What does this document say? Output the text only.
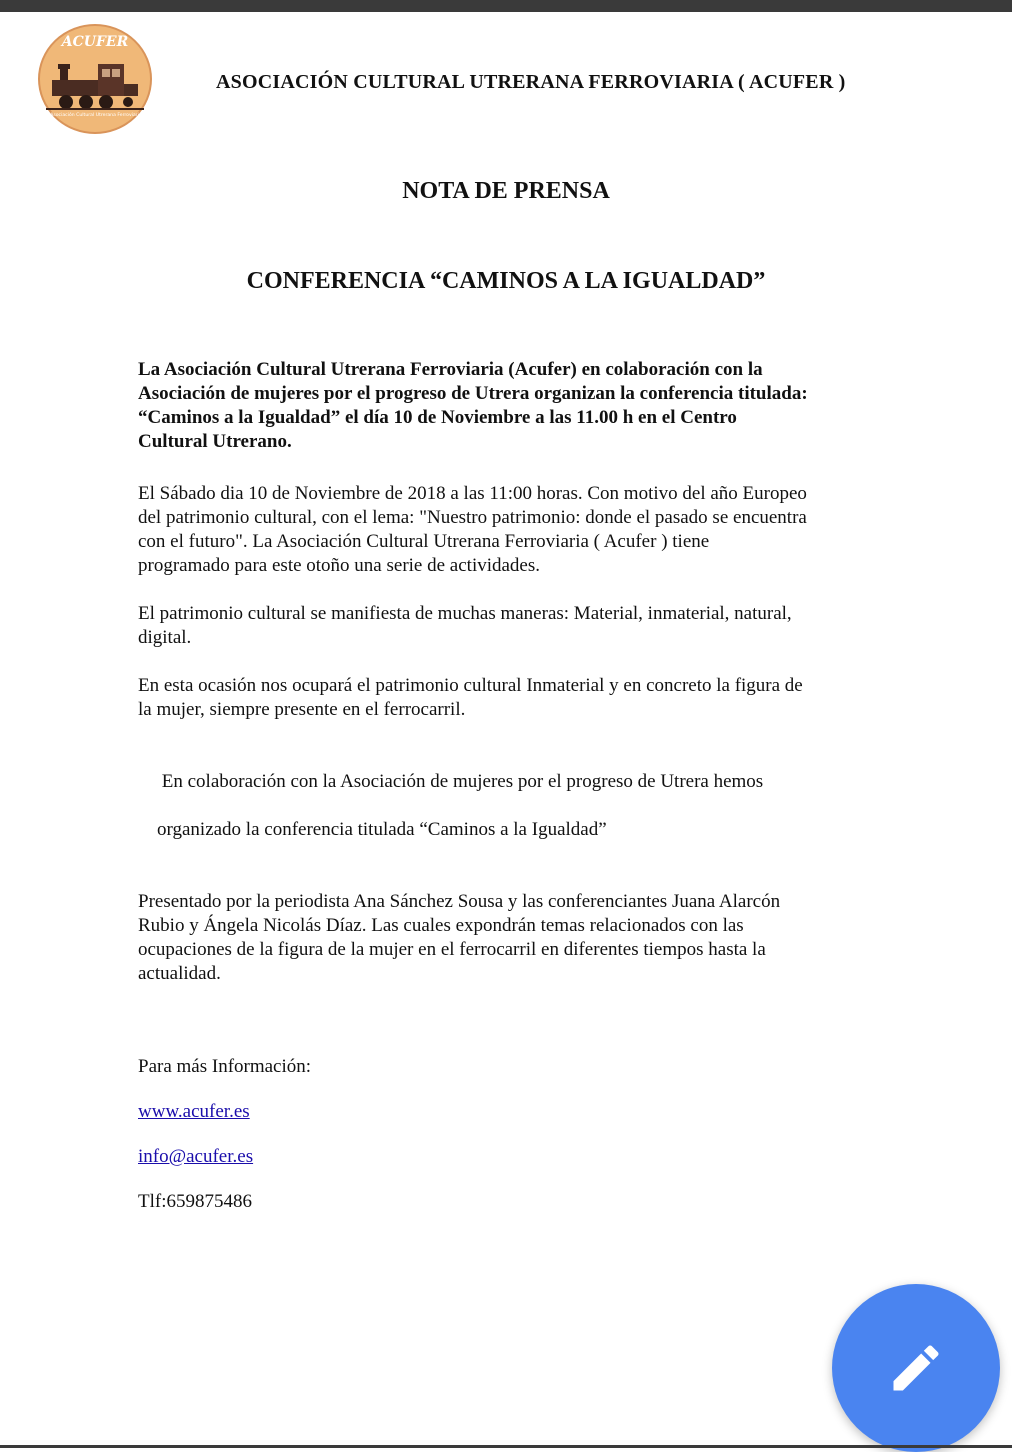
ACUFER
Asociación Cultural Utrerana Ferroviaria
ASOCIACIÓN CULTURAL UTRERANA FERROVIARIA ( ACUFER )
NOTA DE PRENSA
CONFERENCIA “CAMINOS A LA IGUALDAD”

La Asociación Cultural Utrerana Ferroviaria (Acufer) en colaboración con la
Asociación de mujeres por el progreso de Utrera organizan la conferencia titulada:
“Caminos a la Igualdad” el día 10 de Noviembre a las 11.00 h en el Centro
Cultural Utrerano.

El Sábado dia 10 de Noviembre de 2018 a las 11:00 horas. Con motivo del año Europeo
del patrimonio cultural, con el lema: "Nuestro patrimonio: donde el pasado se encuentra
con el futuro". La Asociación Cultural Utrerana Ferroviaria ( Acufer ) tiene
programado para este otoño una serie de actividades.

El patrimonio cultural se manifiesta de muchas maneras: Material, inmaterial, natural,
digital.

En esta ocasión nos ocupará el patrimonio cultural Inmaterial y en concreto la figura de
la mujer, siempre presente en el ferrocarril.

En colaboración con la Asociación de mujeres por el progreso de Utrera hemos

organizado la conferencia titulada “Caminos a la Igualdad”

Presentado por la periodista Ana Sánchez Sousa y las conferenciantes Juana Alarcón
Rubio y Ángela Nicolás Díaz. Las cuales expondrán temas relacionados con las
ocupaciones de la figura de la mujer en el ferrocarril en diferentes tiempos hasta la
actualidad.

Para más Información:

www.acufer.es

info@acufer.es

Tlf:659875486
